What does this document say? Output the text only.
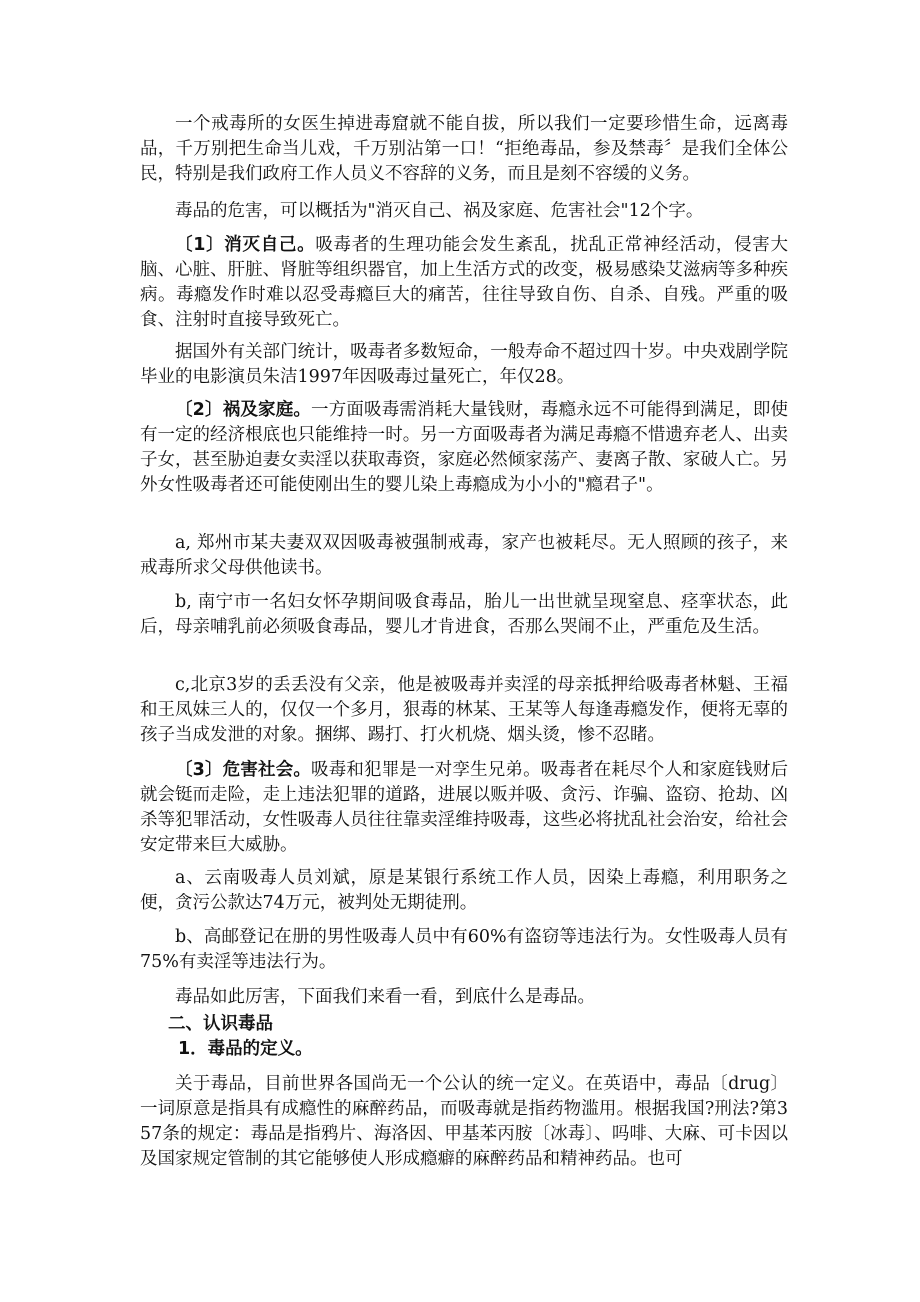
一个戒毒所的女医生掉进毒窟就不能自拔，所以我们一定要珍惜生命，远离毒品，千万别把生命当儿戏，千万别沾第一口！“拒绝毒品，参及禁毒〞是我们全体公民，特别是我们政府工作人员义不容辞的义务，而且是刻不容缓的义务。

毒品的危害，可以概括为"消灭自己、祸及家庭、危害社会"12个字。

〔1〕消灭自己。吸毒者的生理功能会发生紊乱，扰乱正常神经活动，侵害大脑、心脏、肝脏、肾脏等组织器官，加上生活方式的改变，极易感染艾滋病等多种疾病。毒瘾发作时难以忍受毒瘾巨大的痛苦，往往导致自伤、自杀、自残。严重的吸食、注射时直接导致死亡。

据国外有关部门统计，吸毒者多数短命，一般寿命不超过四十岁。中央戏剧学院毕业的电影演员朱洁1997年因吸毒过量死亡，年仅28。

〔2〕祸及家庭。一方面吸毒需消耗大量钱财，毒瘾永远不可能得到满足，即使有一定的经济根底也只能维持一时。另一方面吸毒者为满足毒瘾不惜遗弃老人、出卖子女，甚至胁迫妻女卖淫以获取毒资，家庭必然倾家荡产、妻离子散、家破人亡。另外女性吸毒者还可能使刚出生的婴儿染上毒瘾成为小小的"瘾君子"。

a, 郑州市某夫妻双双因吸毒被强制戒毒，家产也被耗尽。无人照顾的孩子，来戒毒所求父母供他读书。

b, 南宁市一名妇女怀孕期间吸食毒品，胎儿一出世就呈现窒息、痉挛状态，此后，母亲哺乳前必须吸食毒品，婴儿才肯进食，否那么哭闹不止，严重危及生活。

c,北京3岁的丢丢没有父亲，他是被吸毒并卖淫的母亲抵押给吸毒者林魁、王福和王凤妹三人的，仅仅一个多月，狠毒的林某、王某等人每逢毒瘾发作，便将无辜的孩子当成发泄的对象。捆绑、踢打、打火机烧、烟头烫，惨不忍睹。

〔3〕危害社会。吸毒和犯罪是一对孪生兄弟。吸毒者在耗尽个人和家庭钱财后就会铤而走险，走上违法犯罪的道路，进展以贩并吸、贪污、诈骗、盗窃、抢劫、凶杀等犯罪活动，女性吸毒人员往往靠卖淫维持吸毒，这些必将扰乱社会治安，给社会安定带来巨大威胁。

a、云南吸毒人员刘斌，原是某银行系统工作人员，因染上毒瘾，利用职务之便，贪污公款达74万元，被判处无期徒刑。

b、高邮登记在册的男性吸毒人员中有60%有盗窃等违法行为。女性吸毒人员有75%有卖淫等违法行为。

毒品如此厉害，下面我们来看一看，到底什么是毒品。

二、认识毒品
1．毒品的定义。

关于毒品，目前世界各国尚无一个公认的统一定义。在英语中，毒品〔drug〕一词原意是指具有成瘾性的麻醉药品，而吸毒就是指药物滥用。根据我国?刑法?第357条的规定：毒品是指鸦片、海洛因、甲基苯丙胺〔冰毒〕、吗啡、大麻、可卡因以及国家规定管制的其它能够使人形成瘾癖的麻醉药品和精神药品。也可
